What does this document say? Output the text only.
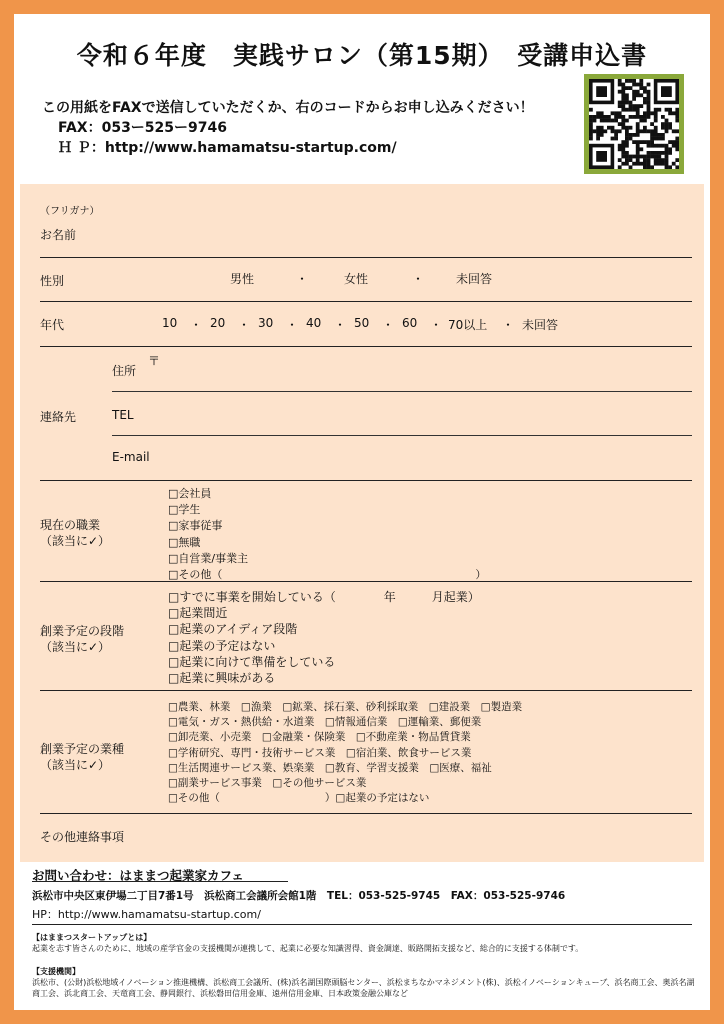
令和６年度　実践サロン（第15期）　受講申込書
この用紙をFAXで送信していただくか、右のコードからお申し込みください！
FAX：053ー525ー9746
Ｈ Ｐ：http://www.hamamatsu-startup.com/
（フリガナ）
お名前
性別	男性	・	女性	・	未回答
年代	10 ・ 20 ・ 30 ・ 40 ・ 50 ・ 60 ・ 70以上 ・ 未回答
連絡先
住所
〒
TEL
E-mail
現在の職業
（該当に✓）
□会社員
□学生
□家事従事
□無職
□自営業/事業主
□その他（　　　　　　　　　　　　　　　　　　　　　　　）
創業予定の段階
（該当に✓）
□すでに事業を開始している（　　　　年　　　月起業）
□起業間近
□起業のアイディア段階
□起業の予定はない
□起業に向けて準備をしている
□起業に興味がある
創業予定の業種
（該当に✓）
□農業、林業　□漁業　□鉱業、採石業、砂利採取業　□建設業　□製造業
□電気・ガス・熱供給・水道業　□情報通信業　□運輸業、郵便業
□卸売業、小売業　□金融業・保険業　□不動産業・物品賃貸業
□学術研究、専門・技術サービス業　□宿泊業、飲食サービス業
□生活関連サービス業、娯楽業　□教育、学習支援業　□医療、福祉
□副業サービス事業　□その他サービス業
□その他（　　　　　　　　　　）□起業の予定はない
その他連絡事項
お問い合わせ：はままつ起業家カフェ
浜松市中央区東伊場二丁目7番1号　浜松商工会議所会館1階　TEL：053-525-9745　FAX：053-525-9746
HP：http://www.hamamatsu-startup.com/
【はままつスタートアップとは】
起業を志す皆さんのために、地域の産学官金の支援機関が連携して、起業に必要な知識習得、資金調達、販路開拓支援など、総合的に支援する体制です。
【支援機関】
浜松市、(公財)浜松地域イノベーション推進機構、浜松商工会議所、(株)浜名湖国際頭脳センター、浜松まちなかマネジメント(株)、浜松イノベーションキューブ、浜名商工会、奥浜名湖商工会、浜北商工会、天竜商工会、静岡銀行、浜松磐田信用金庫、遠州信用金庫、日本政策金融公庫など
